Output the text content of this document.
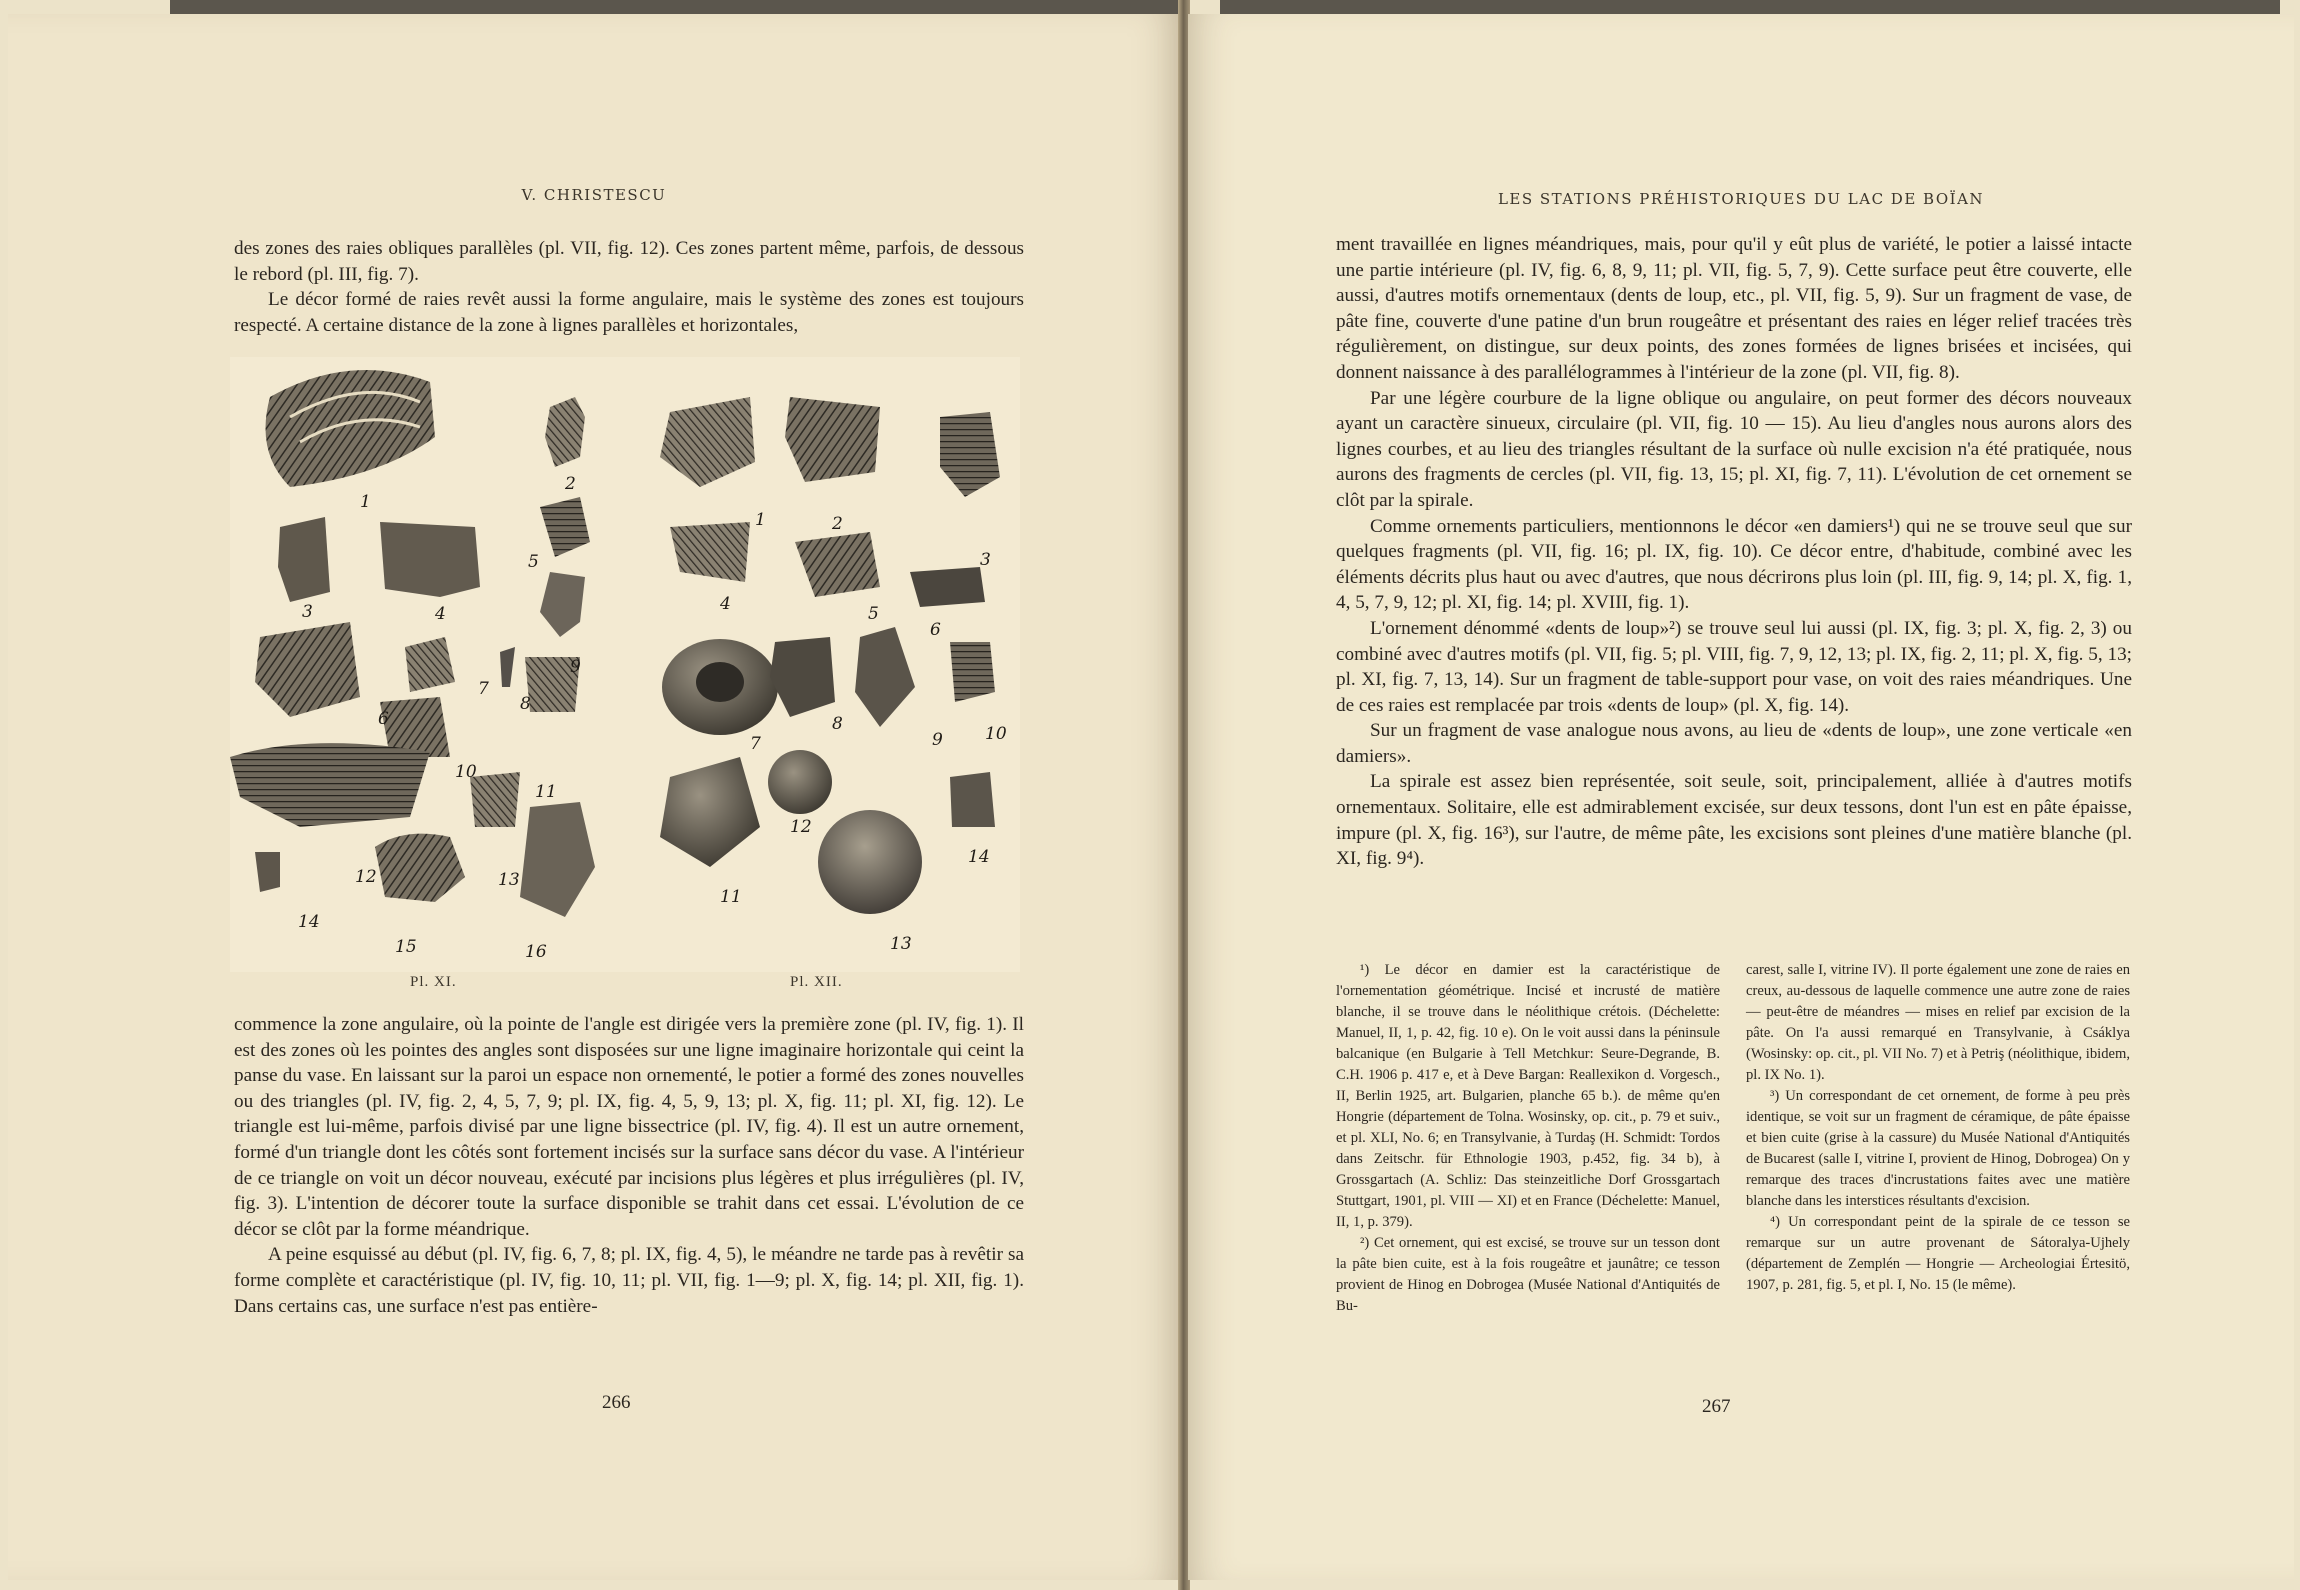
V. CHRISTESCU

des zones des raies obliques parallèles (pl. VII, fig. 12). Ces zones partent même, parfois, de dessous le rebord (pl. III, fig. 7).

Le décor formé de raies revêt aussi la forme angulaire, mais le système des zones est toujours respecté. A certaine distance de la zone à lignes parallèles et horizontales,

1
2
3	4
5
6
7
8
9
10
11
12	13
14
15	16
1	2
3
4	5
6
7
8
9 10
11
12
13
14
Pl. XI.	Pl. XII.

commence la zone angulaire, où la pointe de l'angle est dirigée vers la première zone (pl. IV, fig. 1). Il est des zones où les pointes des angles sont disposées sur une ligne imaginaire horizontale qui ceint la panse du vase. En laissant sur la paroi un espace non ornementé, le potier a formé des zones nouvelles ou des triangles (pl. IV, fig. 2, 4, 5, 7, 9; pl. IX, fig. 4, 5, 9, 13; pl. X, fig. 11; pl. XI, fig. 12). Le triangle est lui-même, parfois divisé par une ligne bissectrice (pl. IV, fig. 4). Il est un autre ornement, formé d'un triangle dont les côtés sont fortement incisés sur la surface sans décor du vase. A l'intérieur de ce triangle on voit un décor nouveau, exécuté par incisions plus légères et plus irrégulières (pl. IV, fig. 3). L'intention de décorer toute la surface disponible se trahit dans cet essai. L'évolution de ce décor se clôt par la forme méandrique.

A peine esquissé au début (pl. IV, fig. 6, 7, 8; pl. IX, fig. 4, 5), le méandre ne tarde pas à revêtir sa forme complète et caractéristique (pl. IV, fig. 10, 11; pl. VII, fig. 1—9; pl. X, fig. 14; pl. XII, fig. 1). Dans certains cas, une surface n'est pas entière-

266
LES STATIONS PRÉHISTORIQUES DU LAC DE BOÏAN

ment travaillée en lignes méandriques, mais, pour qu'il y eût plus de variété, le potier a laissé intacte une partie intérieure (pl. IV, fig. 6, 8, 9, 11; pl. VII, fig. 5, 7, 9). Cette surface peut être couverte, elle aussi, d'autres motifs ornementaux (dents de loup, etc., pl. VII, fig. 5, 9). Sur un fragment de vase, de pâte fine, couverte d'une patine d'un brun rougeâtre et présentant des raies en léger relief tracées très régulièrement, on distingue, sur deux points, des zones formées de lignes brisées et incisées, qui donnent naissance à des parallélogrammes à l'intérieur de la zone (pl. VII, fig. 8).

Par une légère courbure de la ligne oblique ou angulaire, on peut former des décors nouveaux ayant un caractère sinueux, circulaire (pl. VII, fig. 10 — 15). Au lieu d'angles nous aurons alors des lignes courbes, et au lieu des triangles résultant de la surface où nulle excision n'a été pratiquée, nous aurons des fragments de cercles (pl. VII, fig. 13, 15; pl. XI, fig. 7, 11). L'évolution de cet ornement se clôt par la spirale.

Comme ornements particuliers, mentionnons le décor «en damiers¹) qui ne se trouve seul que sur quelques fragments (pl. VII, fig. 16; pl. IX, fig. 10). Ce décor entre, d'habitude, combiné avec les éléments décrits plus haut ou avec d'autres, que nous décrirons plus loin (pl. III, fig. 9, 14; pl. X, fig. 1, 4, 5, 7, 9, 12; pl. XI, fig. 14; pl. XVIII, fig. 1).

L'ornement dénommé «dents de loup»²) se trouve seul lui aussi (pl. IX, fig. 3; pl. X, fig. 2, 3) ou combiné avec d'autres motifs (pl. VII, fig. 5; pl. VIII, fig. 7, 9, 12, 13; pl. IX, fig. 2, 11; pl. X, fig. 5, 13; pl. XI, fig. 7, 13, 14). Sur un fragment de table-support pour vase, on voit des raies méandriques. Une de ces raies est remplacée par trois «dents de loup» (pl. X, fig. 14).

Sur un fragment de vase analogue nous avons, au lieu de «dents de loup», une zone verticale «en damiers».

La spirale est assez bien représentée, soit seule, soit, principalement, alliée à d'autres motifs ornementaux. Solitaire, elle est admirablement excisée, sur deux tessons, dont l'un est en pâte épaisse, impure (pl. X, fig. 16³), sur l'autre, de même pâte, les excisions sont pleines d'une matière blanche (pl. XI, fig. 9⁴).

¹) Le décor en damier est la caractéristique de l'ornementation géométrique. Incisé et incrusté de matière blanche, il se trouve dans le néolithique crétois. (Déchelette: Manuel, II, 1, p. 42, fig. 10 e). On le voit aussi dans la péninsule balcanique (en Bulgarie à Tell Metchkur: Seure-Degrande, B. C.H. 1906 p. 417 e, et à Deve Bargan: Reallexikon d. Vorgesch., II, Berlin 1925, art. Bulgarien, planche 65 b.). de même qu'en Hongrie (département de Tolna. Wosinsky, op. cit., p. 79 et suiv., et pl. XLI, No. 6; en Transylvanie, à Turdaş (H. Schmidt: Tordos dans Zeitschr. für Ethnologie 1903, p.452, fig. 34 b), à Grossgartach (A. Schliz: Das steinzeitliche Dorf Grossgartach Stuttgart, 1901, pl. VIII — XI) et en France (Déchelette: Manuel, II, 1, p. 379).

²) Cet ornement, qui est excisé, se trouve sur un tesson dont la pâte bien cuite, est à la fois rougeâtre et jaunâtre; ce tesson provient de Hinog en Dobrogea (Musée National d'Antiquités de Bu-

carest, salle I, vitrine IV). Il porte également une zone de raies en creux, au-dessous de laquelle commence une autre zone de raies — peut-être de méandres — mises en relief par excision de la pâte. On l'a aussi remarqué en Transylvanie, à Csáklya (Wosinsky: op. cit., pl. VII No. 7) et à Petriş (néolithique, ibidem, pl. IX No. 1).

³) Un correspondant de cet ornement, de forme à peu près identique, se voit sur un fragment de céramique, de pâte épaisse et bien cuite (grise à la cassure) du Musée National d'Antiquités de Bucarest (salle I, vitrine I, provient de Hinog, Dobrogea) On y remarque des traces d'incrustations faites avec une matière blanche dans les interstices résultants d'excision.

⁴) Un correspondant peint de la spirale de ce tesson se remarque sur un autre provenant de Sátoralya-Ujhely (département de Zemplén — Hongrie — Archeologiai Értesitö, 1907, p. 281, fig. 5, et pl. I, No. 15 (le même).

267
